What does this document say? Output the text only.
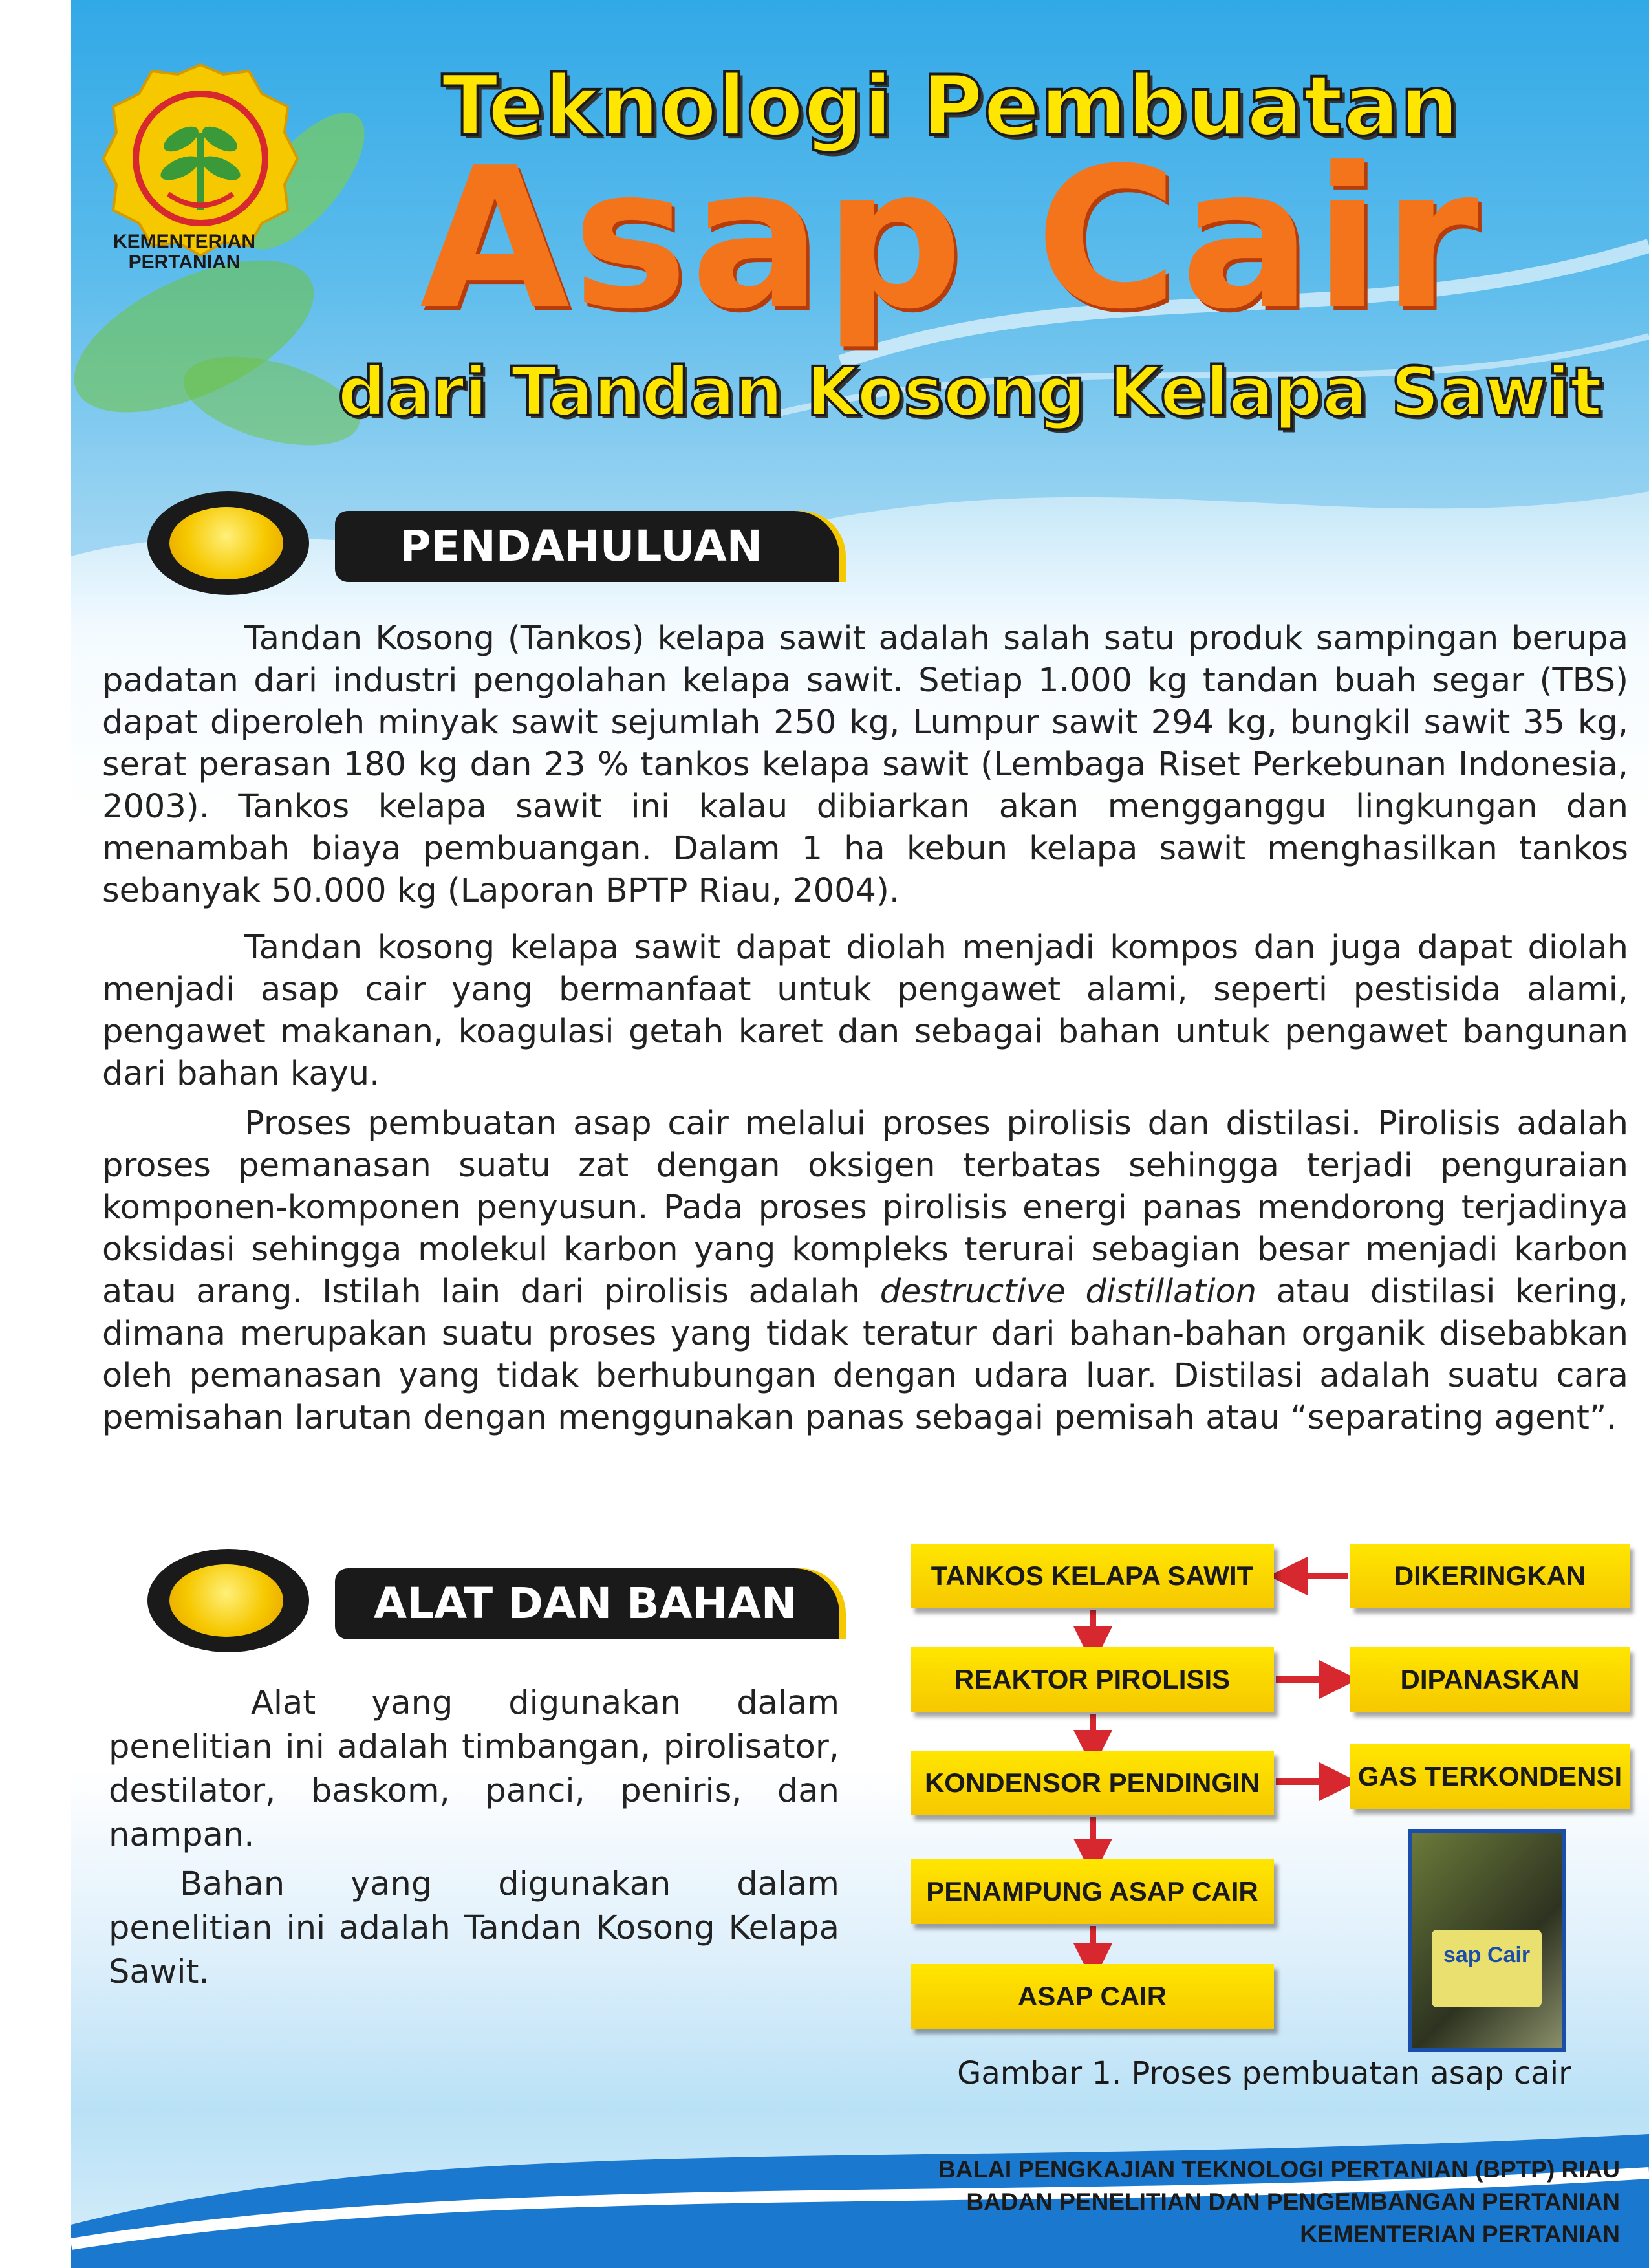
KEMENTERIAN
PERTANIAN
Teknologi Pembuatan
Asap Cair
dari Tandan Kosong Kelapa Sawit
PENDAHULUAN

Tandan Kosong (Tankos) kelapa sawit adalah salah satu produk sampingan berupa padatan dari industri pengolahan kelapa sawit. Setiap 1.000 kg tandan buah segar (TBS) dapat diperoleh minyak sawit sejumlah 250 kg, Lumpur sawit 294 kg, bungkil sawit 35 kg, serat perasan 180 kg dan 23 % tankos kelapa sawit (Lembaga Riset Perkebunan Indonesia, 2003). Tankos kelapa sawit ini kalau dibiarkan akan mengganggu lingkungan dan menambah biaya pembuangan. Dalam 1 ha kebun kelapa sawit menghasilkan tankos sebanyak 50.000 kg (Laporan BPTP Riau, 2004).

Tandan kosong kelapa sawit dapat diolah menjadi kompos dan juga dapat diolah menjadi asap cair yang bermanfaat untuk pengawet alami, seperti pestisida alami, pengawet makanan, koagulasi getah karet dan sebagai bahan untuk pengawet bangunan dari bahan kayu.

Proses pembuatan asap cair melalui proses pirolisis dan distilasi. Pirolisis adalah proses pemanasan suatu zat dengan oksigen terbatas sehingga terjadi penguraian komponen-komponen penyusun. Pada proses pirolisis energi panas mendorong terjadinya oksidasi sehingga molekul karbon yang kompleks terurai sebagian besar menjadi karbon atau arang. Istilah lain dari pirolisis adalah destructive distillation atau distilasi kering, dimana merupakan suatu proses yang tidak teratur dari bahan-bahan organik disebabkan oleh pemanasan yang tidak berhubungan dengan udara luar. Distilasi adalah suatu cara pemisahan larutan dengan menggunakan panas sebagai pemisah atau “separating agent”.

ALAT DAN BAHAN

Alat yang digunakan dalam penelitian ini adalah timbangan, pirolisator, destilator, baskom, panci, peniris, dan nampan.

Bahan yang digunakan dalam penelitian ini adalah Tandan Kosong Kelapa Sawit.

TANKOS KELAPA SAWIT
REAKTOR PIROLISIS
KONDENSOR PENDINGIN
PENAMPUNG ASAP CAIR
ASAP CAIR
DIKERINGKAN
DIPANASKAN
GAS TERKONDENSI
sap Cair
Gambar 1. Proses pembuatan asap cair
BALAI PENGKAJIAN TEKNOLOGI PERTANIAN (BPTP) RIAU
BADAN PENELITIAN DAN PENGEMBANGAN PERTANIAN
KEMENTERIAN PERTANIAN
